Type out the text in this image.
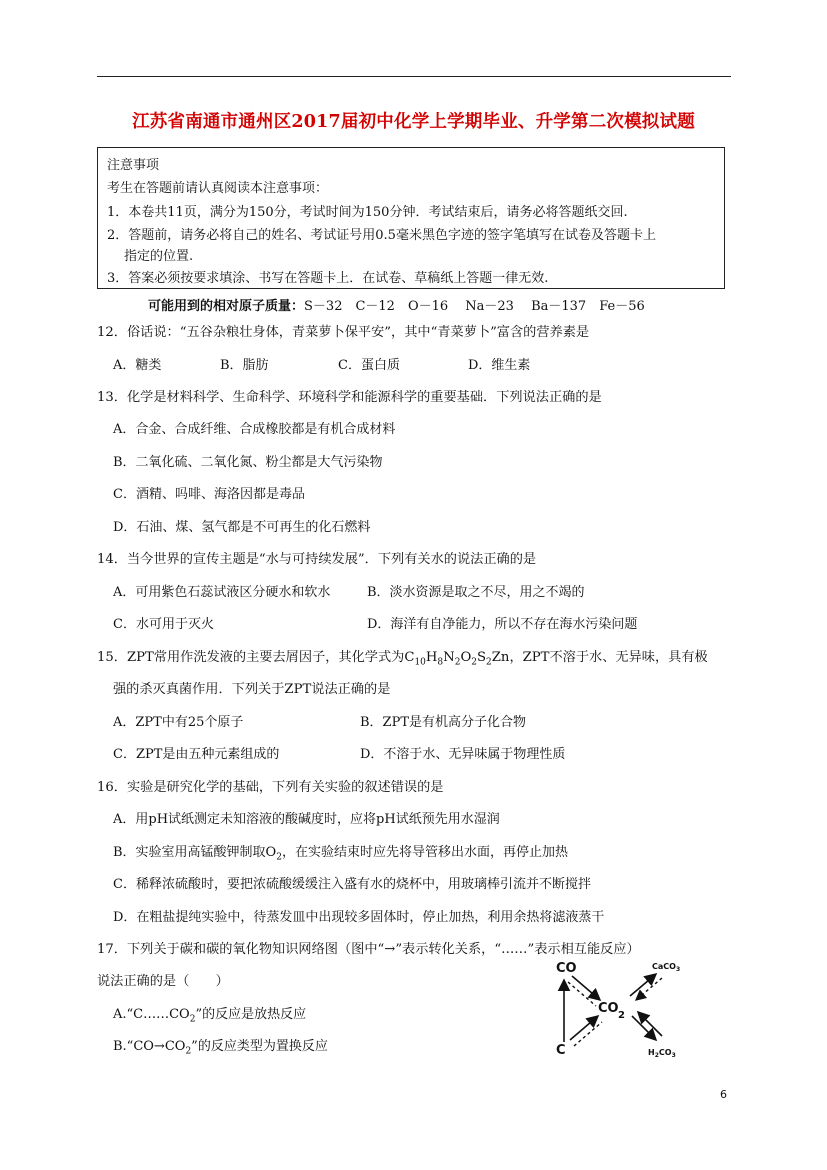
江苏省南通市通州区2017届初中化学上学期毕业、升学第二次模拟试题
注意事项
考生在答题前请认真阅读本注意事项：
1．本卷共11页，满分为150分，考试时间为150分钟．考试结束后，请务必将答题纸交回.
2．答题前，请务必将自己的姓名、考试证号用0.5毫米黑色字迹的签字笔填写在试卷及答题卡上
指定的位置.
3．答案必须按要求填涂、书写在答题卡上．在试卷、草稿纸上答题一律无效.
可能用到的相对原子质量：S－32　C－12　O－16　 Na－23　 Ba－137　Fe－56
12．俗话说：“五谷杂粮壮身体，青菜萝卜保平安”，其中“青菜萝卜”富含的营养素是
A．糖类	B．脂肪	C．蛋白质	D．维生素
13．化学是材料科学、生命科学、环境科学和能源科学的重要基础．下列说法正确的是
A．合金、合成纤维、合成橡胶都是有机合成材料
B．二氧化硫、二氧化氮、粉尘都是大气污染物
C．酒精、吗啡、海洛因都是毒品
D．石油、煤、氢气都是不可再生的化石燃料
14．当今世界的宣传主题是“水与可持续发展”．下列有关水的说法正确的是
A．可用紫色石蕊试液区分硬水和软水	B．淡水资源是取之不尽，用之不竭的
C．水可用于灭火	D．海洋有自净能力，所以不存在海水污染问题
15．ZPT常用作洗发液的主要去屑因子，其化学式为$C_{10}H_8N_2O_2S_2Zn$，ZPT不溶于水、无异味，具有极
强的杀灭真菌作用．下列关于ZPT说法正确的是
A．ZPT中有25个原子	B．ZPT是有机高分子化合物
C．ZPT是由五种元素组成的	D．不溶于水、无异味属于物理性质
16．实验是研究化学的基础，下列有关实验的叙述错误的是
A．用pH试纸测定未知溶液的酸碱度时，应将pH试纸预先用水湿润
B．实验室用高锰酸钾制取$O_2$，在实验结束时应先将导管移出水面，再停止加热
C．稀释浓硫酸时，要把浓硫酸缓缓注入盛有水的烧杯中，用玻璃棒引流并不断搅拌
D．在粗盐提纯实验中，待蒸发皿中出现较多固体时，停止加热，利用余热将滤液蒸干
17．下列关于碳和碳的氧化物知识网络图（图中“→”表示转化关系，“……”表示相互能反应）
说法正确的是（　　）
$A.“C\dots\dots CO_2$”的反应是放热反应
$B.“CO\to CO_2$”的反应类型为置换反应
CO
CO 2
C
CaCO$_3$
$H_2CO_3$
6
